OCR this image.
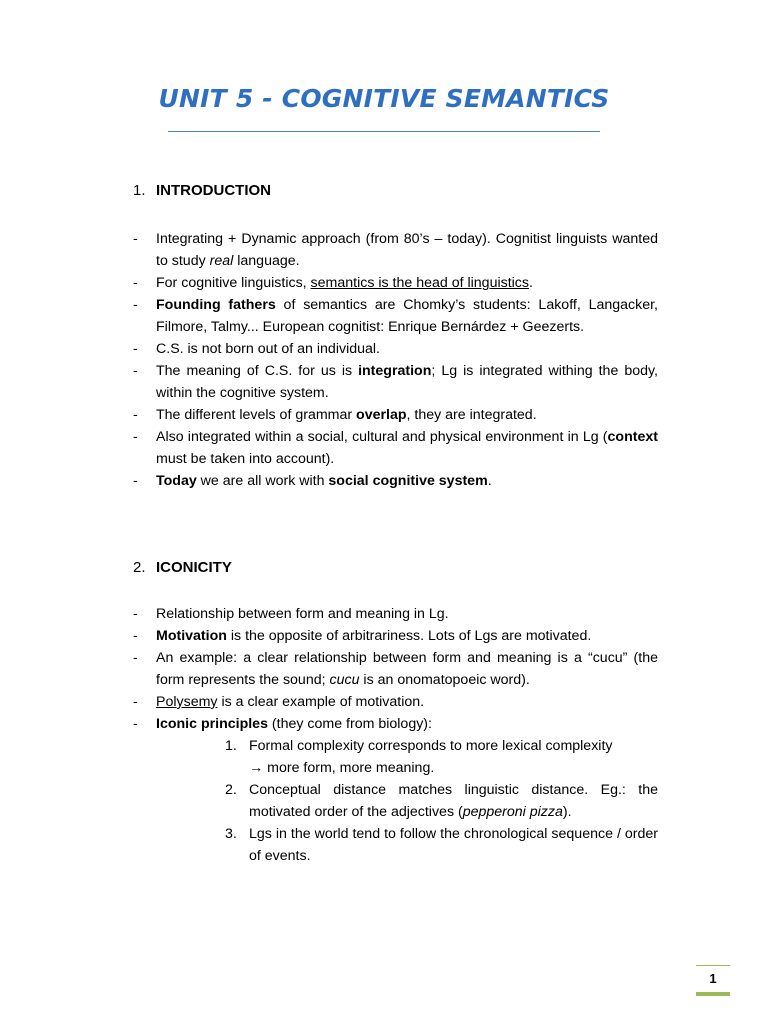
UNIT 5 - COGNITIVE SEMANTICS
1. INTRODUCTION
- Integrating + Dynamic approach (from 80’s – today). Cognitist linguists wanted to study real language.
- For cognitive linguistics, semantics is the head of linguistics.
- Founding fathers of semantics are Chomky’s students: Lakoff, Langacker, Filmore, Talmy... European cognitist: Enrique Bernárdez + Geezerts.
- C.S. is not born out of an individual.
- The meaning of C.S. for us is integration; Lg is integrated withing the body, within the cognitive system.
- The different levels of grammar overlap, they are integrated.
- Also integrated within a social, cultural and physical environment in Lg (context must be taken into account).
- Today we are all work with social cognitive system.
2. ICONICITY
- Relationship between form and meaning in Lg.
- Motivation is the opposite of arbitrariness. Lots of Lgs are motivated.
- An example: a clear relationship between form and meaning is a “cucu” (the form represents the sound; cucu is an onomatopoeic word).
- Polysemy is a clear example of motivation.
- Iconic principles (they come from biology):
1. Formal complexity corresponds to more lexical complexity
→ more form, more meaning.
2. Conceptual distance matches linguistic distance. Eg.: the motivated order of the adjectives (pepperoni pizza).
3. Lgs in the world tend to follow the chronological sequence / order of events.
1
